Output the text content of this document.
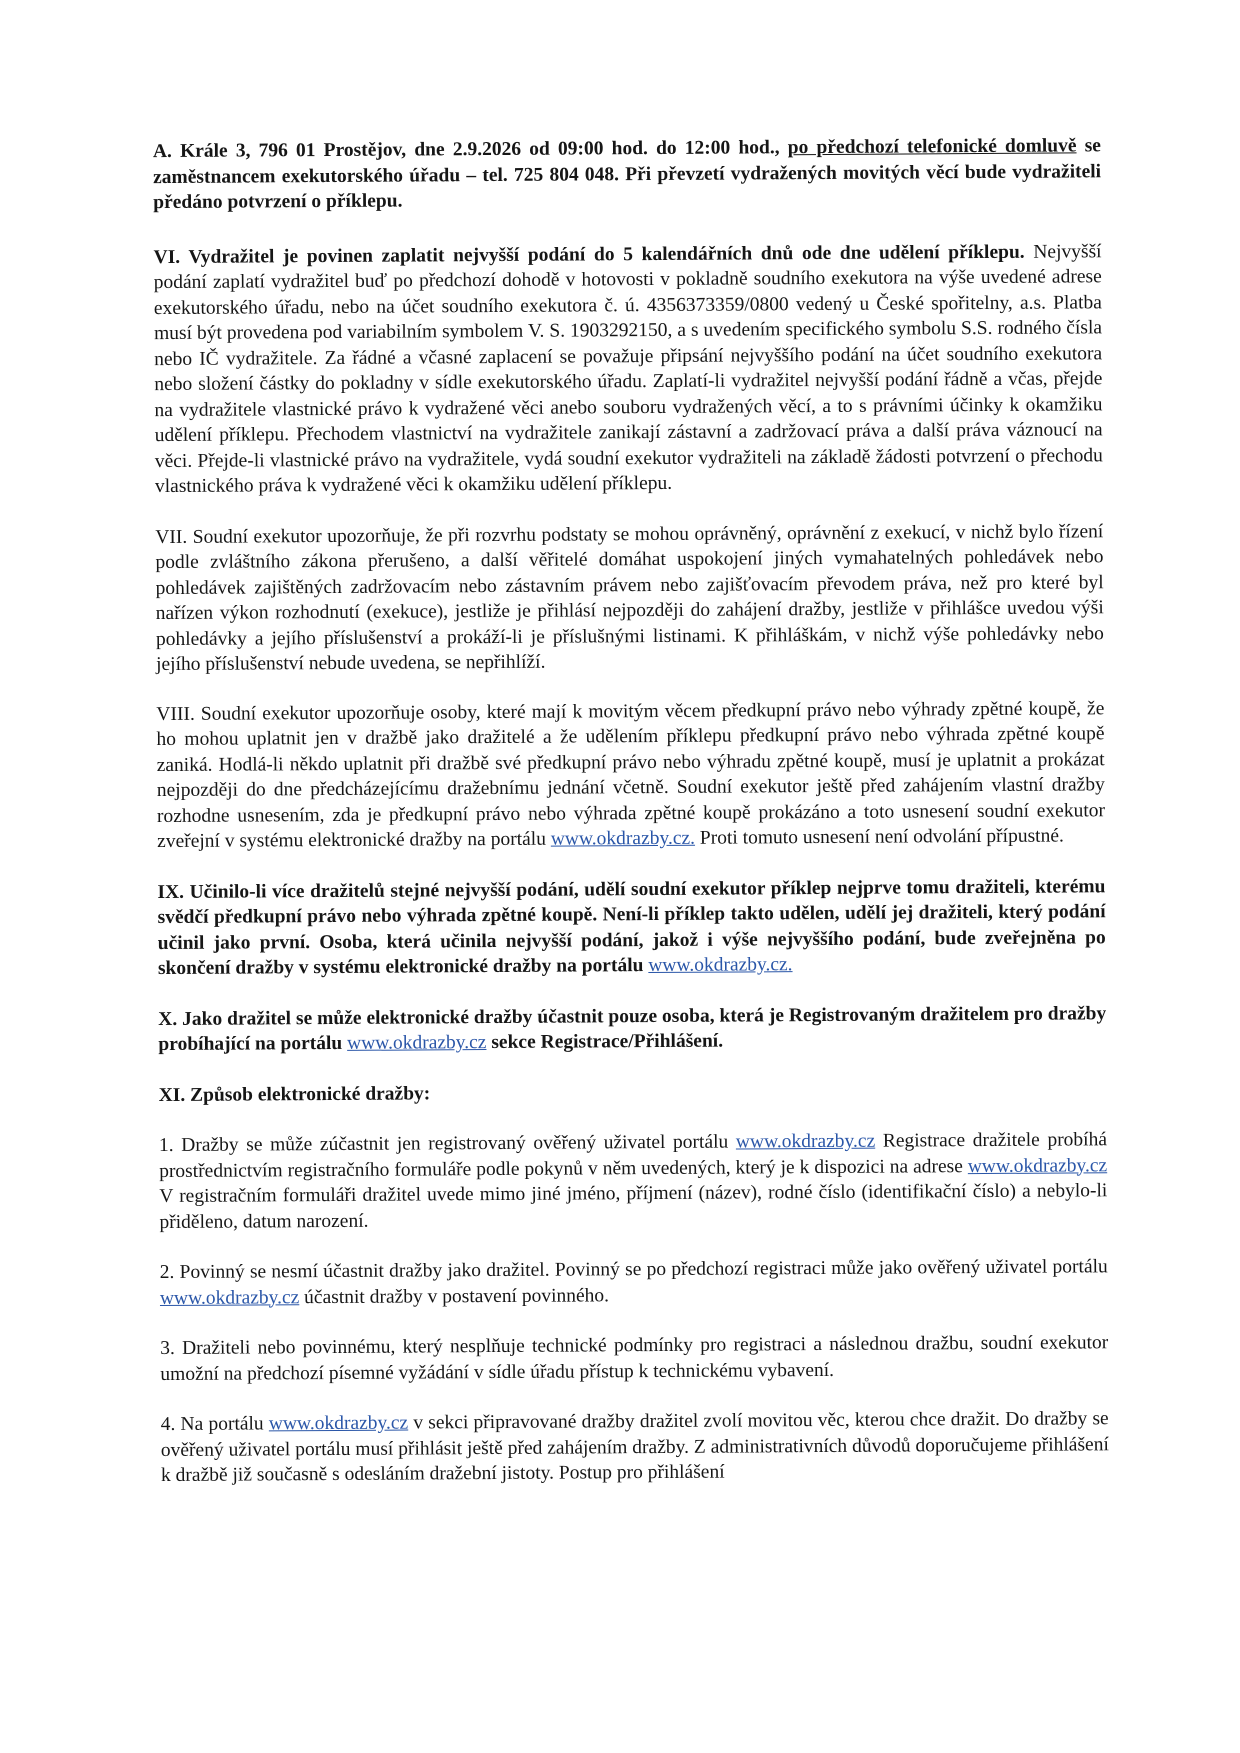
A. Krále 3, 796 01 Prostějov, dne 2.9.2026 od 09:00 hod. do 12:00 hod., po předchozí telefonické domluvě se zaměstnancem exekutorského úřadu – tel. 725 804 048. Při převzetí vydražených movitých věcí bude vydražiteli předáno potvrzení o příklepu.

VI. Vydražitel je povinen zaplatit nejvyšší podání do 5 kalendářních dnů ode dne udělení příklepu. Nejvyšší podání zaplatí vydražitel buď po předchozí dohodě v hotovosti v pokladně soudního exekutora na výše uvedené adrese exekutorského úřadu, nebo na účet soudního exekutora č. ú. 4356373359/0800 vedený u České spořitelny, a.s. Platba musí být provedena pod variabilním symbolem V. S. 1903292150, a s uvedením specifického symbolu S.S. rodného čísla nebo IČ vydražitele. Za řádné a včasné zaplacení se považuje připsání nejvyššího podání na účet soudního exekutora nebo složení částky do pokladny v sídle exekutorského úřadu. Zaplatí-li vydražitel nejvyšší podání řádně a včas, přejde na vydražitele vlastnické právo k vydražené věci anebo souboru vydražených věcí, a to s právními účinky k okamžiku udělení příklepu. Přechodem vlastnictví na vydražitele zanikají zástavní a zadržovací práva a další práva váznoucí na věci. Přejde-li vlastnické právo na vydražitele, vydá soudní exekutor vydražiteli na základě žádosti potvrzení o přechodu vlastnického práva k vydražené věci k okamžiku udělení příklepu.

VII. Soudní exekutor upozorňuje, že při rozvrhu podstaty se mohou oprávněný, oprávnění z exekucí, v nichž bylo řízení podle zvláštního zákona přerušeno, a další věřitelé domáhat uspokojení jiných vymahatelných pohledávek nebo pohledávek zajištěných zadržovacím nebo zástavním právem nebo zajišťovacím převodem práva, než pro které byl nařízen výkon rozhodnutí (exekuce), jestliže je přihlásí nejpozději do zahájení dražby, jestliže v přihlášce uvedou výši pohledávky a jejího příslušenství a prokáží-li je příslušnými listinami. K přihláškám, v nichž výše pohledávky nebo jejího příslušenství nebude uvedena, se nepřihlíží.

VIII. Soudní exekutor upozorňuje osoby, které mají k movitým věcem předkupní právo nebo výhrady zpětné koupě, že ho mohou uplatnit jen v dražbě jako dražitelé a že udělením příklepu předkupní právo nebo výhrada zpětné koupě zaniká. Hodlá-li někdo uplatnit při dražbě své předkupní právo nebo výhradu zpětné koupě, musí je uplatnit a prokázat nejpozději do dne předcházejícímu dražebnímu jednání včetně. Soudní exekutor ještě před zahájením vlastní dražby rozhodne usnesením, zda je předkupní právo nebo výhrada zpětné koupě prokázáno a toto usnesení soudní exekutor zveřejní v systému elektronické dražby na portálu www.okdrazby.cz. Proti tomuto usnesení není odvolání přípustné.

IX. Učinilo-li více dražitelů stejné nejvyšší podání, udělí soudní exekutor příklep nejprve tomu dražiteli, kterému svědčí předkupní právo nebo výhrada zpětné koupě. Není-li příklep takto udělen, udělí jej dražiteli, který podání učinil jako první. Osoba, která učinila nejvyšší podání, jakož i výše nejvyššího podání, bude zveřejněna po skončení dražby v systému elektronické dražby na portálu www.okdrazby.cz.

X. Jako dražitel se může elektronické dražby účastnit pouze osoba, která je Registrovaným dražitelem pro dražby probíhající na portálu www.okdrazby.cz sekce Registrace/Přihlášení.

XI. Způsob elektronické dražby:

1. Dražby se může zúčastnit jen registrovaný ověřený uživatel portálu www.okdrazby.cz Registrace dražitele probíhá prostřednictvím registračního formuláře podle pokynů v něm uvedených, který je k dispozici na adrese www.okdrazby.cz V registračním formuláři dražitel uvede mimo jiné jméno, příjmení (název), rodné číslo (identifikační číslo) a nebylo-li přiděleno, datum narození.

2. Povinný se nesmí účastnit dražby jako dražitel. Povinný se po předchozí registraci může jako ověřený uživatel portálu www.okdrazby.cz účastnit dražby v postavení povinného.

3. Dražiteli nebo povinnému, který nesplňuje technické podmínky pro registraci a následnou dražbu, soudní exekutor umožní na předchozí písemné vyžádání v sídle úřadu přístup k technickému vybavení.

4. Na portálu www.okdrazby.cz v sekci připravované dražby dražitel zvolí movitou věc, kterou chce dražit. Do dražby se ověřený uživatel portálu musí přihlásit ještě před zahájením dražby. Z administrativních důvodů doporučujeme přihlášení k dražbě již současně s odesláním dražební jistoty. Postup pro přihlášení
